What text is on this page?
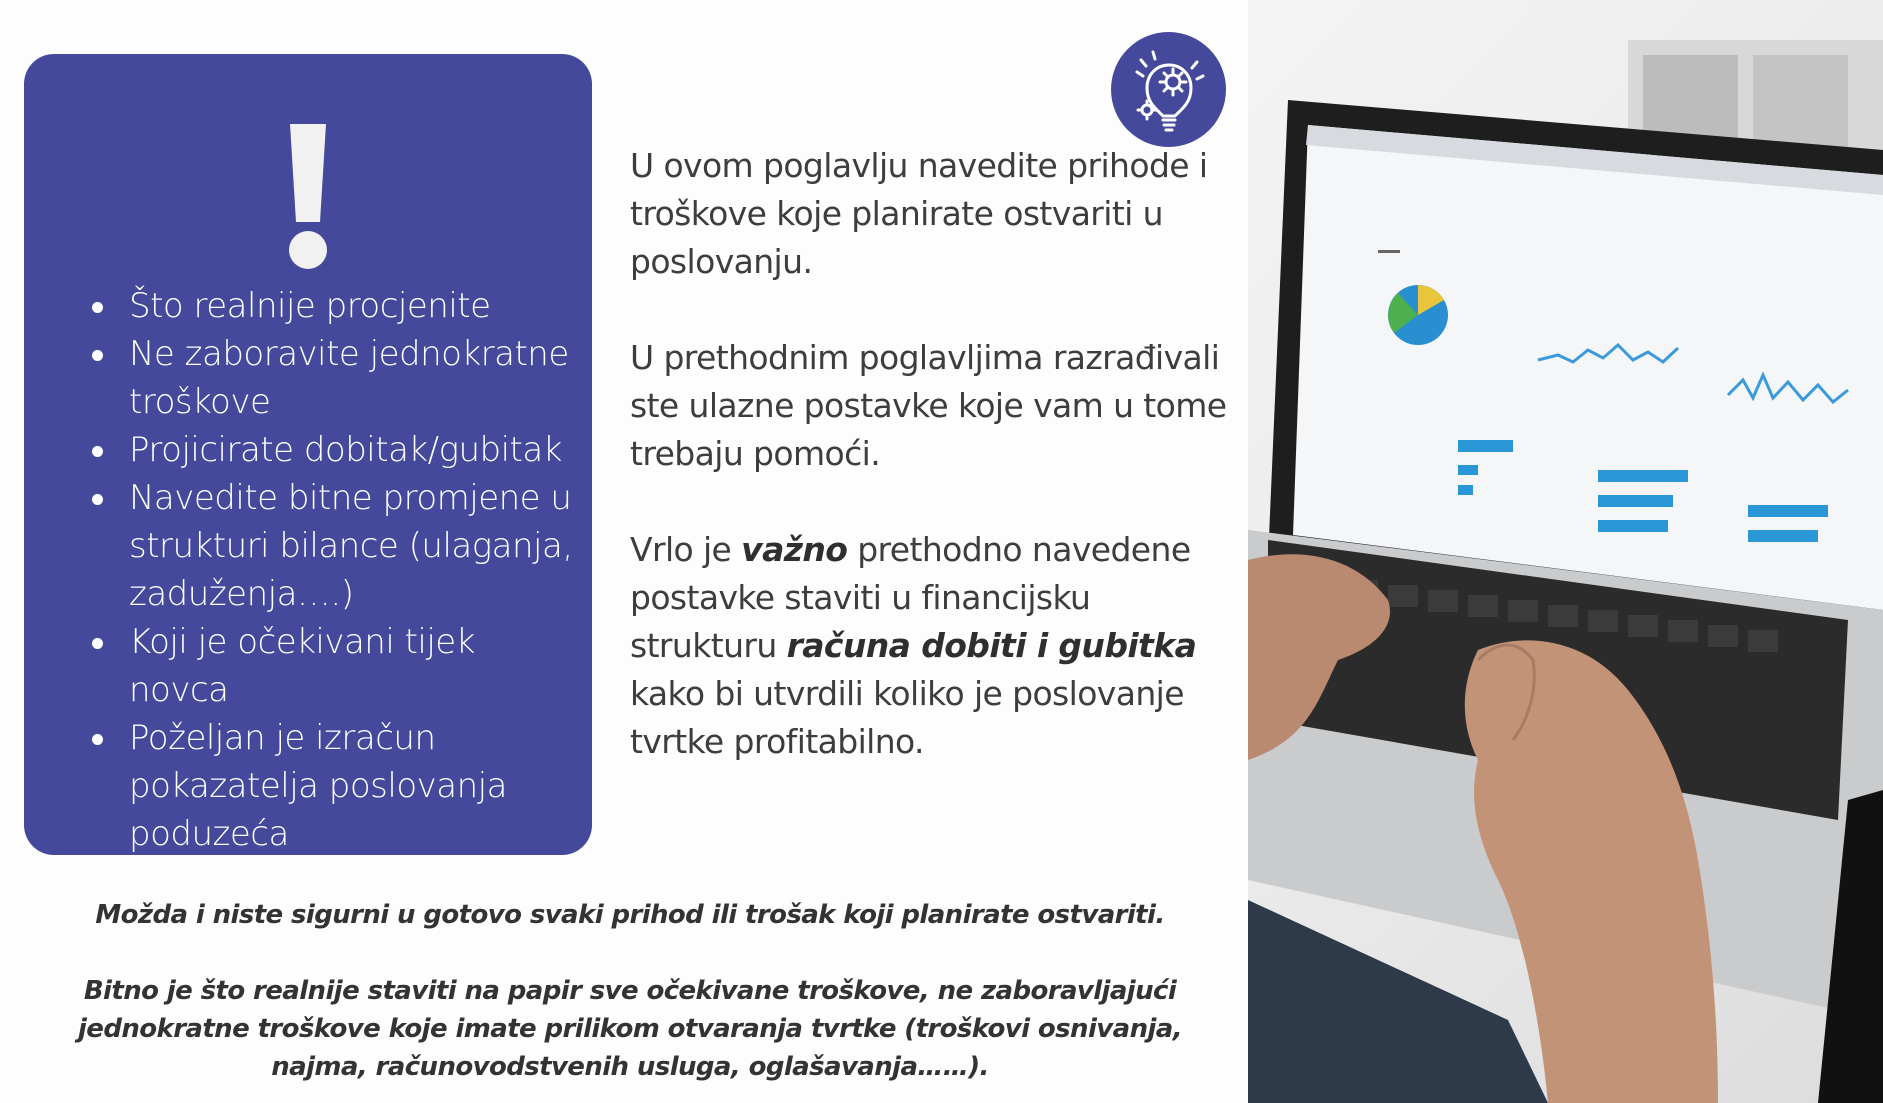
Što realnije procjenite
Ne zaboravite jednokratne troškove
Projicirate dobitak/gubitak
Navedite bitne promjene u strukturi bilance (ulaganja, zaduženja….)
Koji je očekivani tijek novca
Poželjan je izračun pokazatelja poslovanja poduzeća

U ovom poglavlju navedite prihode i troškove koje planirate ostvariti u poslovanju.

U prethodnim poglavljima razrađivali ste ulazne postavke koje vam u tome trebaju pomoći.

Vrlo je važno prethodno navedene postavke staviti u financijsku strukturu računa dobiti i gubitka kako bi utvrdili koliko je poslovanje tvrtke profitabilno.

Možda i niste sigurni u gotovo svaki prihod ili trošak koji planirate ostvariti.
Bitno je što realnije staviti na papir sve očekivane troškove, ne zaboravljajući jednokratne troškove koje imate prilikom otvaranja tvrtke (troškovi osnivanja, najma, računovodstvenih usluga, oglašavanja……).
